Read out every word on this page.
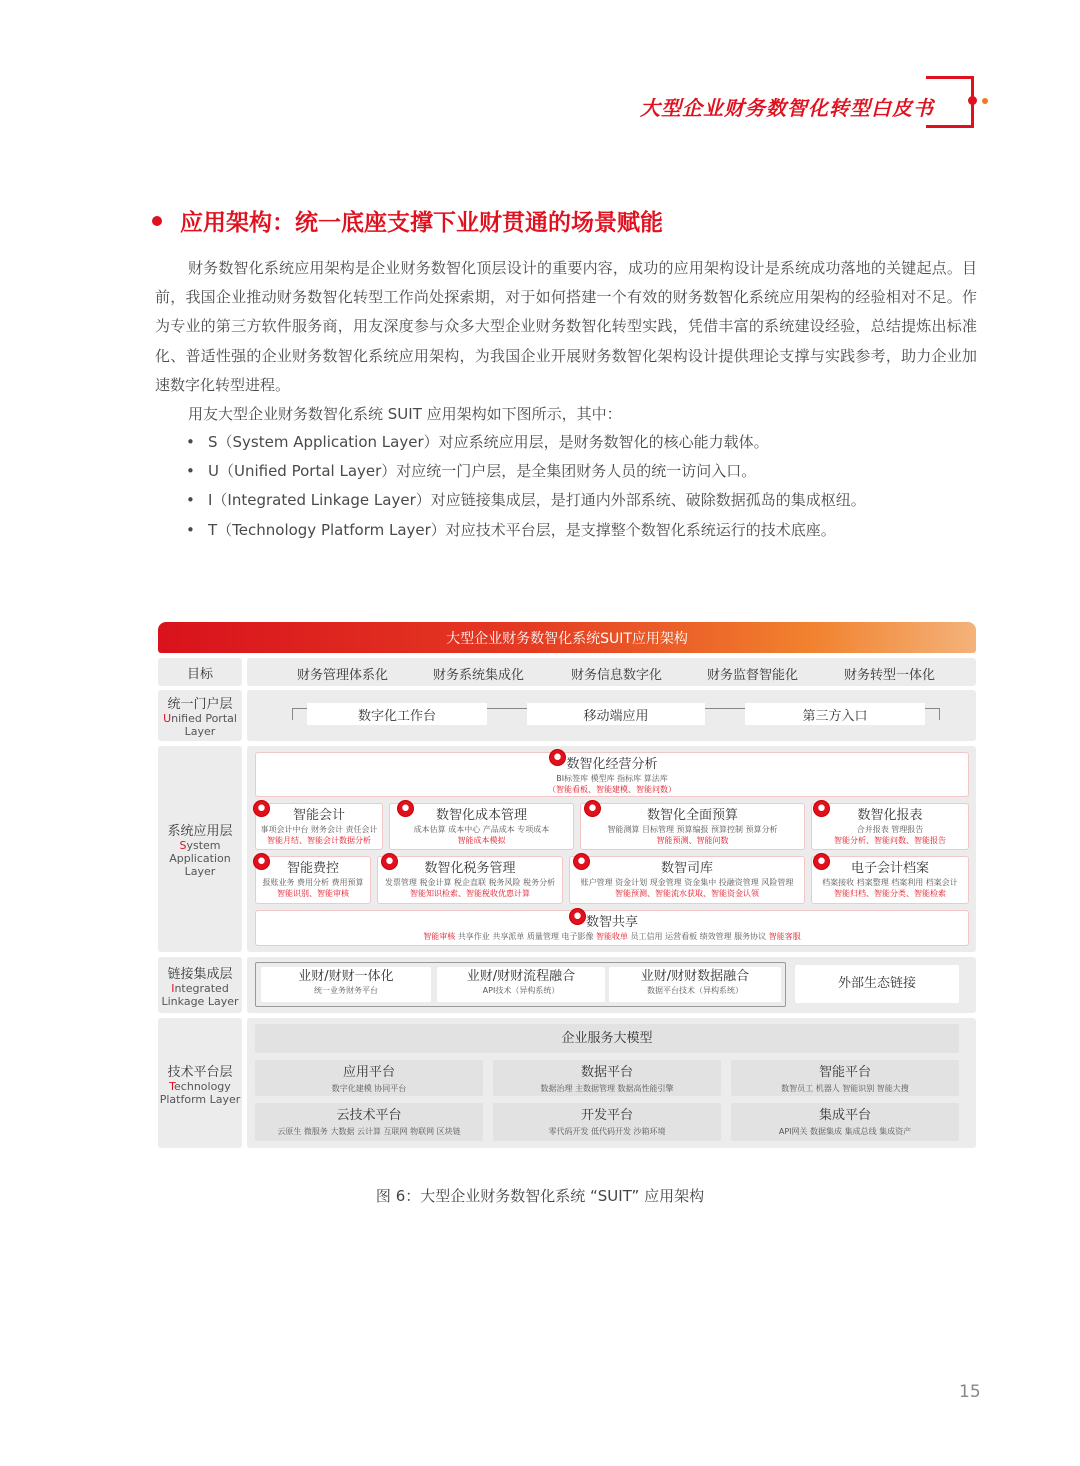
大型企业财务数智化转型白皮书
应用架构：统一底座支撑下业财贯通的场景赋能

财务数智化系统应用架构是企业财务数智化顶层设计的重要内容，成功的应用架构设计是系统成功落地的关键起点。目前，我国企业推动财务数智化转型工作尚处探索期，对于如何搭建一个有效的财务数智化系统应用架构的经验相对不足。作为专业的第三方软件服务商，用友深度参与众多大型企业财务数智化转型实践，凭借丰富的系统建设经验，总结提炼出标准化、普适性强的企业财务数智化系统应用架构，为我国企业开展财务数智化架构设计提供理论支撑与实践参考，助力企业加速数字化转型进程。

用友大型企业财务数智化系统 SUIT 应用架构如下图所示，其中：

• S（System Application Layer）对应系统应用层，是财务数智化的核心能力载体。
• U（Unified Portal Layer）对应统一门户层，是全集团财务人员的统一访问入口。
• I（Integrated Linkage Layer）对应链接集成层，是打通内外部系统、破除数据孤岛的集成枢纽。
• T（Technology Platform Layer）对应技术平台层，是支撑整个数智化系统运行的技术底座。
大型企业财务数智化系统SUIT应用架构
目标	财务管理体系化	财务系统集成化	财务信息数字化	财务监督智能化	财务转型一体化
统一门户层
Unified Portal
Layer
数字化工作台	移动端应用	第三方入口
系统应用层
System
Application
Layer
数智化经营分析
BI标签库 模型库 指标库 算法库
（智能看板、智能建模、智能问数）
智能会计
事项会计中台 财务会计 责任会计
智能月结、智能会计数据分析
数智化成本管理
成本估算 成本中心 产品成本 专项成本
智能成本模拟
数智化全面预算
智能测算 目标管理 预算编报 预算控制 预算分析
智能预测、智能问数
数智化报表
合并报表 管理报告
智能分析、智能问数、智能报告
智能费控
报账业务 费用分析 费用预算
智能识别、智能审核
数智化税务管理
发票管理 税金计算 税企直联 税务风险 税务分析
智能知识检索、智能税收优惠计算
数智司库
账户管理 资金计划 现金管理 资金集中 投融资管理 风险管理
智能预测、智能流水获取、智能资金认领
电子会计档案
档案接收 档案整理 档案利用 档案会计
智能归档、智能分类、智能检索
数智共享
智能审核 共享作业 共享派单 质量管理 电子影像 智能收单 员工信用 运营看板 绩效管理 服务协议 智能客服
链接集成层
Integrated
Linkage Layer
业财/财财一体化
统一业务财务平台
业财/财财流程融合
API技术（异构系统）
业财/财财数据融合
数据平台技术（异构系统）	外部生态链接
技术平台层
Technology
Platform Layer
企业服务大模型
应用平台
数字化建模 协同平台
数据平台
数据治理 主数据管理 数据高性能引擎
智能平台
数智员工 机器人 智能识别 智能大搜
云技术平台
云原生 微服务 大数据 云计算 互联网 物联网 区块链
开发平台
零代码开发 低代码开发 沙箱环境
集成平台
API网关 数据集成 集成总线 集成资产
图 6：大型企业财务数智化系统 “SUIT” 应用架构
15
